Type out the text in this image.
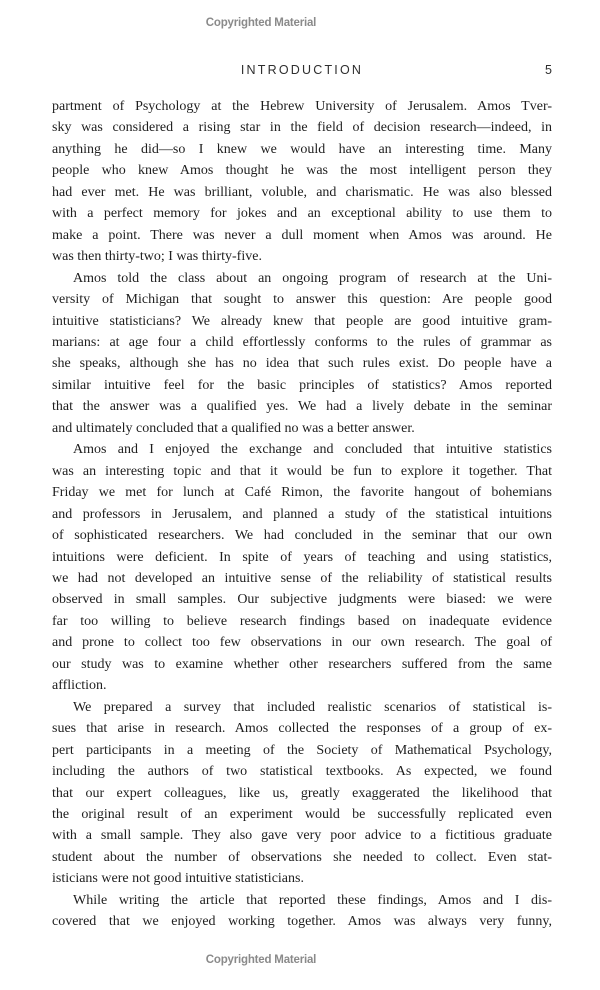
Copyrighted Material
INTRODUCTION	5
partment of Psychology at the Hebrew University of Jerusalem. Amos Tver-
sky was considered a rising star in the field of decision research—indeed, in
anything he did—so I knew we would have an interesting time. Many
people who knew Amos thought he was the most intelligent person they
had ever met. He was brilliant, voluble, and charismatic. He was also blessed
with a perfect memory for jokes and an exceptional ability to use them to
make a point. There was never a dull moment when Amos was around. He
was then thirty-two; I was thirty-five.
Amos told the class about an ongoing program of research at the Uni-
versity of Michigan that sought to answer this question: Are people good
intuitive statisticians? We already knew that people are good intuitive gram-
marians: at age four a child effortlessly conforms to the rules of grammar as
she speaks, although she has no idea that such rules exist. Do people have a
similar intuitive feel for the basic principles of statistics? Amos reported
that the answer was a qualified yes. We had a lively debate in the seminar
and ultimately concluded that a qualified no was a better answer.
Amos and I enjoyed the exchange and concluded that intuitive statistics
was an interesting topic and that it would be fun to explore it together. That
Friday we met for lunch at Café Rimon, the favorite hangout of bohemians
and professors in Jerusalem, and planned a study of the statistical intuitions
of sophisticated researchers. We had concluded in the seminar that our own
intuitions were deficient. In spite of years of teaching and using statistics,
we had not developed an intuitive sense of the reliability of statistical results
observed in small samples. Our subjective judgments were biased: we were
far too willing to believe research findings based on inadequate evidence
and prone to collect too few observations in our own research. The goal of
our study was to examine whether other researchers suffered from the same
affliction.
We prepared a survey that included realistic scenarios of statistical is-
sues that arise in research. Amos collected the responses of a group of ex-
pert participants in a meeting of the Society of Mathematical Psychology,
including the authors of two statistical textbooks. As expected, we found
that our expert colleagues, like us, greatly exaggerated the likelihood that
the original result of an experiment would be successfully replicated even
with a small sample. They also gave very poor advice to a fictitious graduate
student about the number of observations she needed to collect. Even stat-
isticians were not good intuitive statisticians.
While writing the article that reported these findings, Amos and I dis-
covered that we enjoyed working together. Amos was always very funny,
Copyrighted Material
